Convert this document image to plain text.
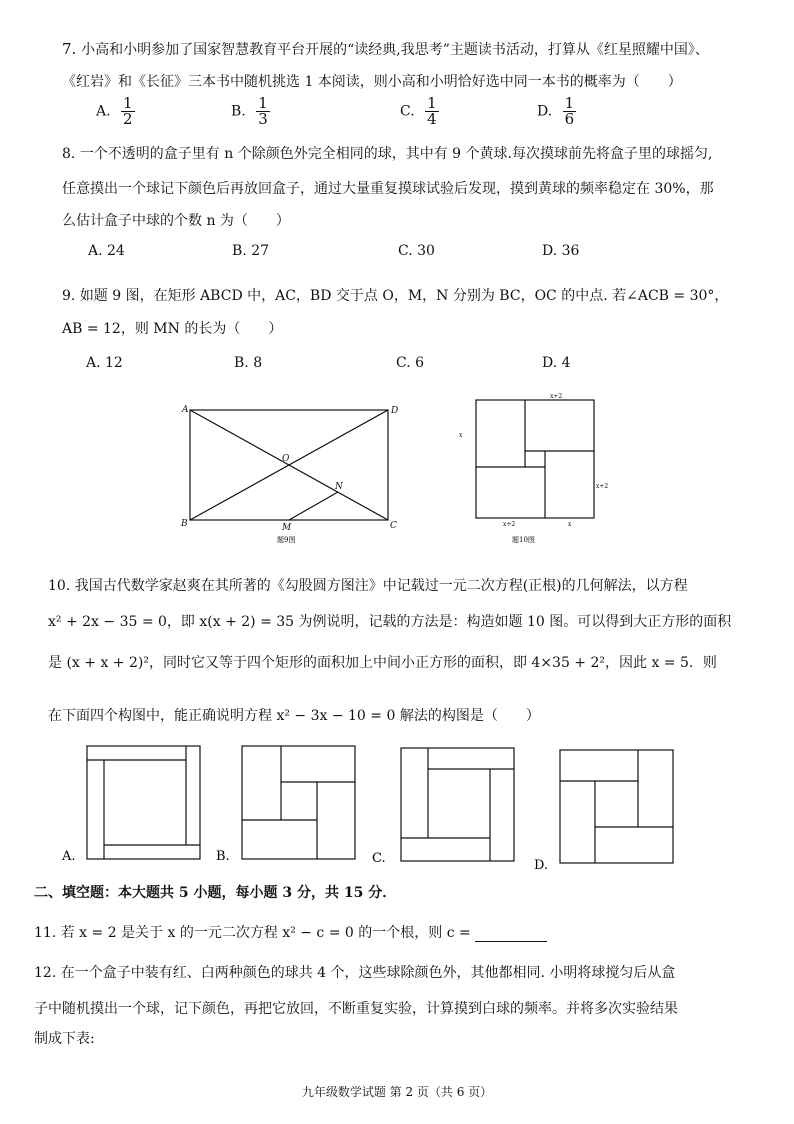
7. 小高和小明参加了国家智慧教育平台开展的“读经典,我思考”主题读书活动，打算从《红星照耀中国》、
《红岩》和《长征》三本书中随机挑选 1 本阅读，则小高和小明恰好选中同一本书的概率为（　　）
A. $\frac{1}{2}$	B. $\frac{1}{3}$	C. $\frac{1}{4}$	D. $\frac{1}{6}$
8. 一个不透明的盒子里有 n 个除颜色外完全相同的球，其中有 9 个黄球.每次摸球前先将盒子里的球摇匀,
任意摸出一个球记下颜色后再放回盒子，通过大量重复摸球试验后发现，摸到黄球的频率稳定在 30%，那
么估计盒子中球的个数 n 为（　　）
A. 24	B. 27	C. 30	D. 36
9. 如题 9 图，在矩形 ABCD 中，AC，BD 交于点 O，M，N 分别为 BC，OC 的中点. 若∠ACB = 30°，
AB = 12，则 MN 的长为（　　）
A. 12	B. 8	C. 6	D. 4
A	D
O
N
B	M	C
题9图
x+2
x
x+2
x+2	x
题10图
10. 我国古代数学家赵爽在其所著的《勾股圆方图注》中记载过一元二次方程(正根)的几何解法，以方程
x² + 2x − 35 = 0，即 x(x + 2) = 35 为例说明，记载的方法是：构造如题 10 图。可以得到大正方形的面积
是 (x + x + 2)²，同时它又等于四个矩形的面积加上中间小正方形的面积，即 4×35 + 2²，因此 x = 5．则
在下面四个构图中，能正确说明方程 x² − 3x − 10 = 0 解法的构图是（　　）
A.	B.	C.	D.
二、填空题：本大题共 5 小题，每小题 3 分，共 15 分．
11. 若 x = 2 是关于 x 的一元二次方程 x² − c = 0 的一个根，则 c =
12. 在一个盒子中装有红、白两种颜色的球共 4 个，这些球除颜色外，其他都相同. 小明将球搅匀后从盒
子中随机摸出一个球，记下颜色，再把它放回，不断重复实验，计算摸到白球的频率。并将多次实验结果
制成下表:
九年级数学试题 第 2 页（共 6 页）
